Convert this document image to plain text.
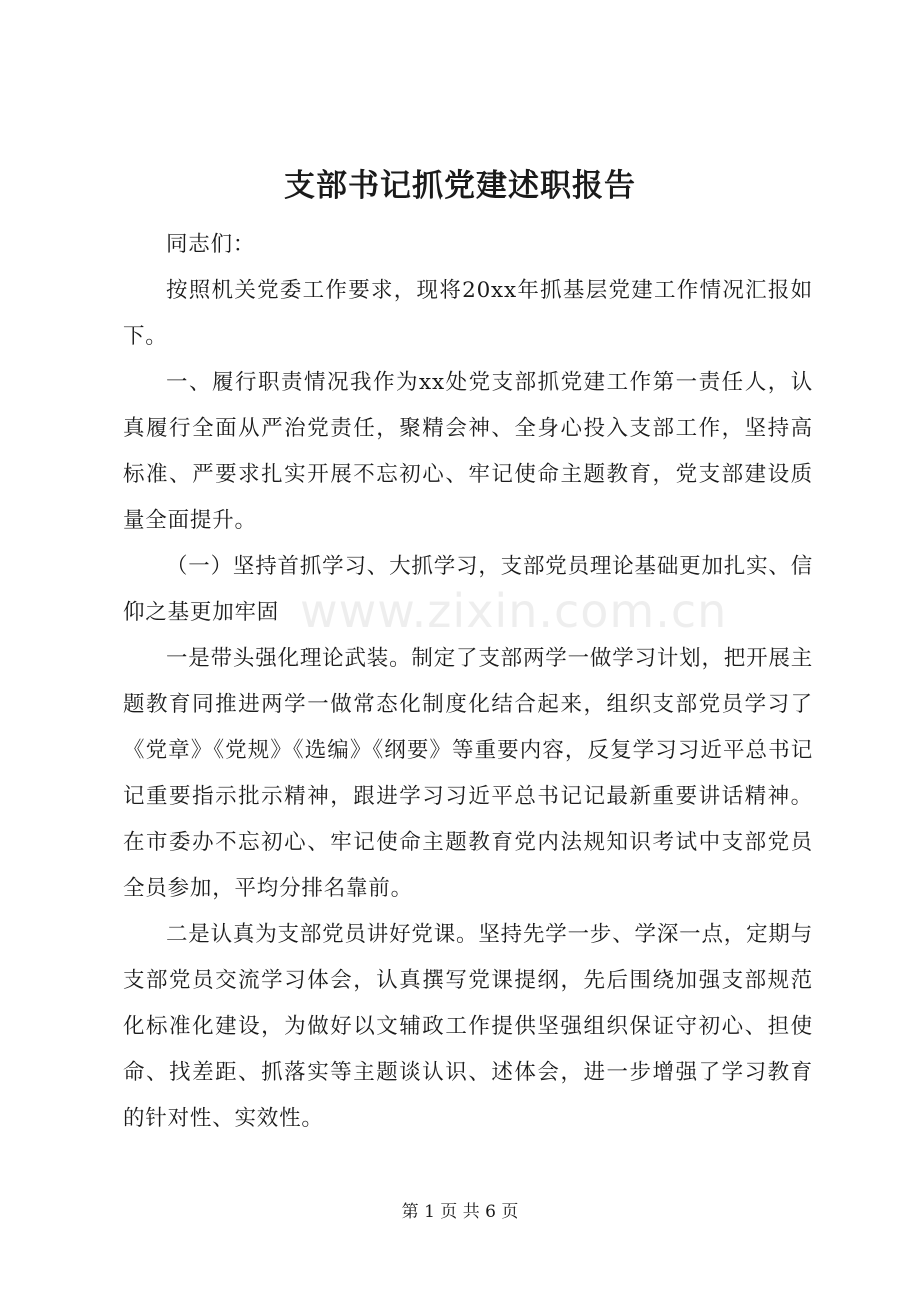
支部书记抓党建述职报告
www.zixin.com.cn

同志们：

按照机关党委工作要求，现将20xx年抓基层党建工作情况汇报如下。

一、履行职责情况我作为xx处党支部抓党建工作第一责任人，认真履行全面从严治党责任，聚精会神、全身心投入支部工作，坚持高标准、严要求扎实开展不忘初心、牢记使命主题教育，党支部建设质量全面提升。

（一）坚持首抓学习、大抓学习，支部党员理论基础更加扎实、信仰之基更加牢固

一是带头强化理论武装。制定了支部两学一做学习计划，把开展主题教育同推进两学一做常态化制度化结合起来，组织支部党员学习了《党章》《党规》《选编》《纲要》等重要内容，反复学习习近平总书记记重要指示批示精神，跟进学习习近平总书记记最新重要讲话精神。在市委办不忘初心、牢记使命主题教育党内法规知识考试中支部党员全员参加，平均分排名靠前。

二是认真为支部党员讲好党课。坚持先学一步、学深一点，定期与支部党员交流学习体会，认真撰写党课提纲，先后围绕加强支部规范化标准化建设，为做好以文辅政工作提供坚强组织保证守初心、担使命、找差距、抓落实等主题谈认识、述体会，进一步增强了学习教育的针对性、实效性。

第 1 页 共 6 页
